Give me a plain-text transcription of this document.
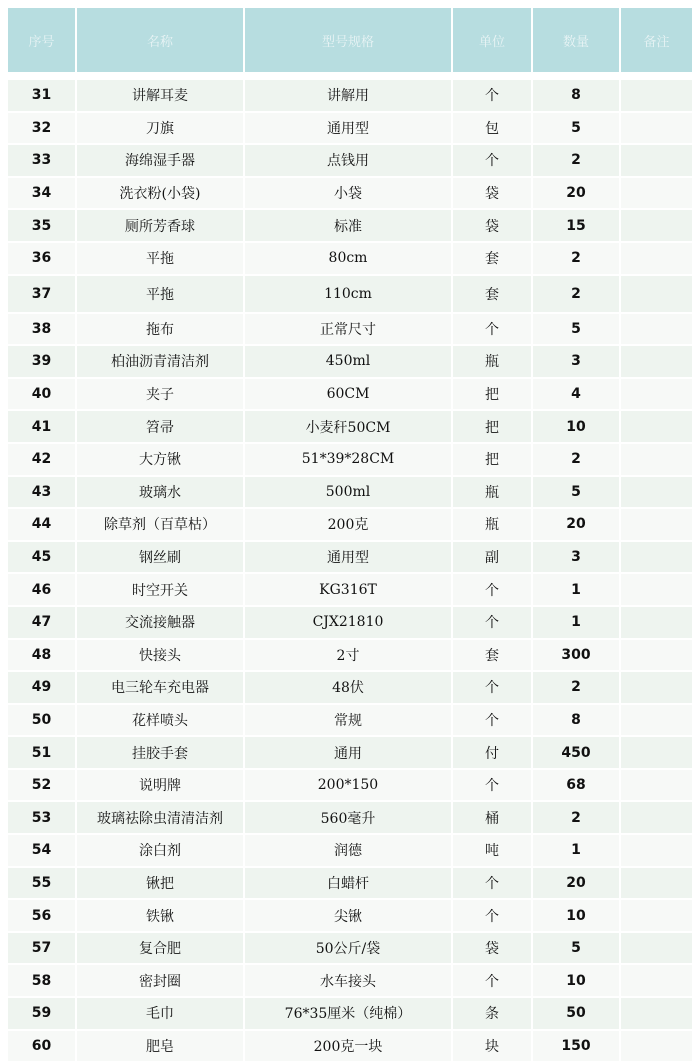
序号	名称	型号规格	单位	数量	备注

31	讲解耳麦	讲解用	个	8	
32	刀旗	通用型	包	5	
33	海绵湿手器	点钱用	个	2	
34	洗衣粉(小袋)	小袋	袋	20	
35	厕所芳香球	标准	袋	15	
36	平拖	80cm	套	2	
37	平拖	110cm	套	2	
38	拖布	正常尺寸	个	5	
39	柏油沥青清洁剂	450ml	瓶	3	
40	夹子	60CM	把	4	
41	笤帚	小麦秆50CM	把	10	
42	大方锹	51*39*28CM	把	2	
43	玻璃水	500ml	瓶	5	
44	除草剂（百草枯）	200克	瓶	20	
45	钢丝刷	通用型	副	3	
46	时空开关	KG316T	个	1	
47	交流接触器	CJX21810	个	1	
48	快接头	2寸	套	300	
49	电三轮车充电器	48伏	个	2	
50	花样喷头	常规	个	8	
51	挂胶手套	通用	付	450	
52	说明牌	200*150	个	68	
53	玻璃祛除虫清清洁剂	560毫升	桶	2	
54	涂白剂	润德	吨	1	
55	锹把	白蜡杆	个	20	
56	铁锹	尖锹	个	10	
57	复合肥	50公斤/袋	袋	5	
58	密封圈	水车接头	个	10	
59	毛巾	76*35厘米（纯棉）	条	50	
60	肥皂	200克一块	块	150	
